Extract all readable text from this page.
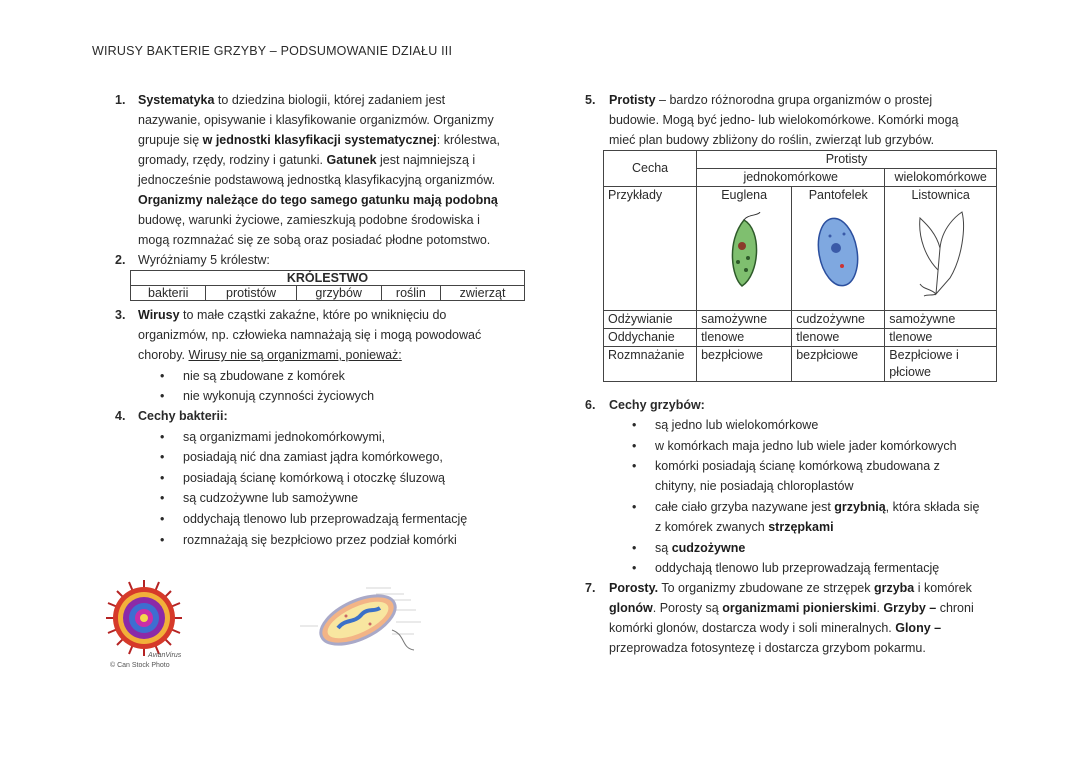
WIRUSY BAKTERIE GRZYBY – PODSUMOWANIE DZIAŁU III
1. Systematyka to dziedzina biologii, której zadaniem jest
nazywanie, opisywanie i klasyfikowanie organizmów. Organizmy
grupuje się w jednostki klasyfikacji systematycznej: królestwa,
gromady, rzędy, rodziny i gatunki. Gatunek jest najmniejszą i
jednocześnie podstawową jednostką klasyfikacyjną organizmów.
Organizmy należące do tego samego gatunku mają podobną
budowę, warunki życiowe, zamieszkują podobne środowiska i
mogą rozmnażać się ze sobą oraz posiadać płodne potomstwo.
2. Wyróżniamy 5 królestw:
KRÓLESTWO
bakterii	protistów	grzybów	roślin	zwierząt
3. Wirusy to małe cząstki zakaźne, które po wniknięciu do
organizmów, np. człowieka namnażają się i mogą powodować
choroby. Wirusy nie są organizmami, ponieważ:
• nie są zbudowane z komórek
• nie wykonują czynności życiowych
4. Cechy bakterii:
• są organizmami jednokomórkowymi,
• posiadają nić dna zamiast jądra komórkowego,
• posiadają ścianę komórkową i otoczkę śluzową
• są cudzożywne lub samożywne
• oddychają tlenowo lub przeprowadzają fermentację
• rozmnażają się bezpłciowo przez podział komórki
AvianVirus
© Can Stock Photo
5. Protisty – bardzo różnorodna grupa organizmów o prostej
budowie. Mogą być jedno- lub wielokomórkowe. Komórki mogą
mieć plan budowy zbliżony do roślin, zwierząt lub grzybów.
Cecha	Protisty		
	jednokomórkowe		wielokomórkowe
Przykłady	Euglena	Pantofelek	Listownica

Odżywianie	samożywne	cudzożywne	samożywne
Oddychanie	tlenowe	tlenowe	tlenowe
Rozmnażanie	bezpłciowe	bezpłciowe	Bezpłciowe i płciowe
6. Cechy grzybów:
• są jedno lub wielokomórkowe
• w komórkach maja jedno lub wiele jader komórkowych
• komórki posiadają ścianę komórkową zbudowana z
chityny, nie posiadają chloroplastów
• całe ciało grzyba nazywane jest grzybnią, która składa się
z komórek zwanych strzępkami
• są cudzożywne
• oddychają tlenowo lub przeprowadzają fermentację
7. Porosty. To organizmy zbudowane ze strzępek grzyba i komórek
glonów. Porosty są organizmami pionierskimi. Grzyby – chroni
komórki glonów, dostarcza wody i soli mineralnych. Glony –
przeprowadza fotosyntezę i dostarcza grzybom pokarmu.
